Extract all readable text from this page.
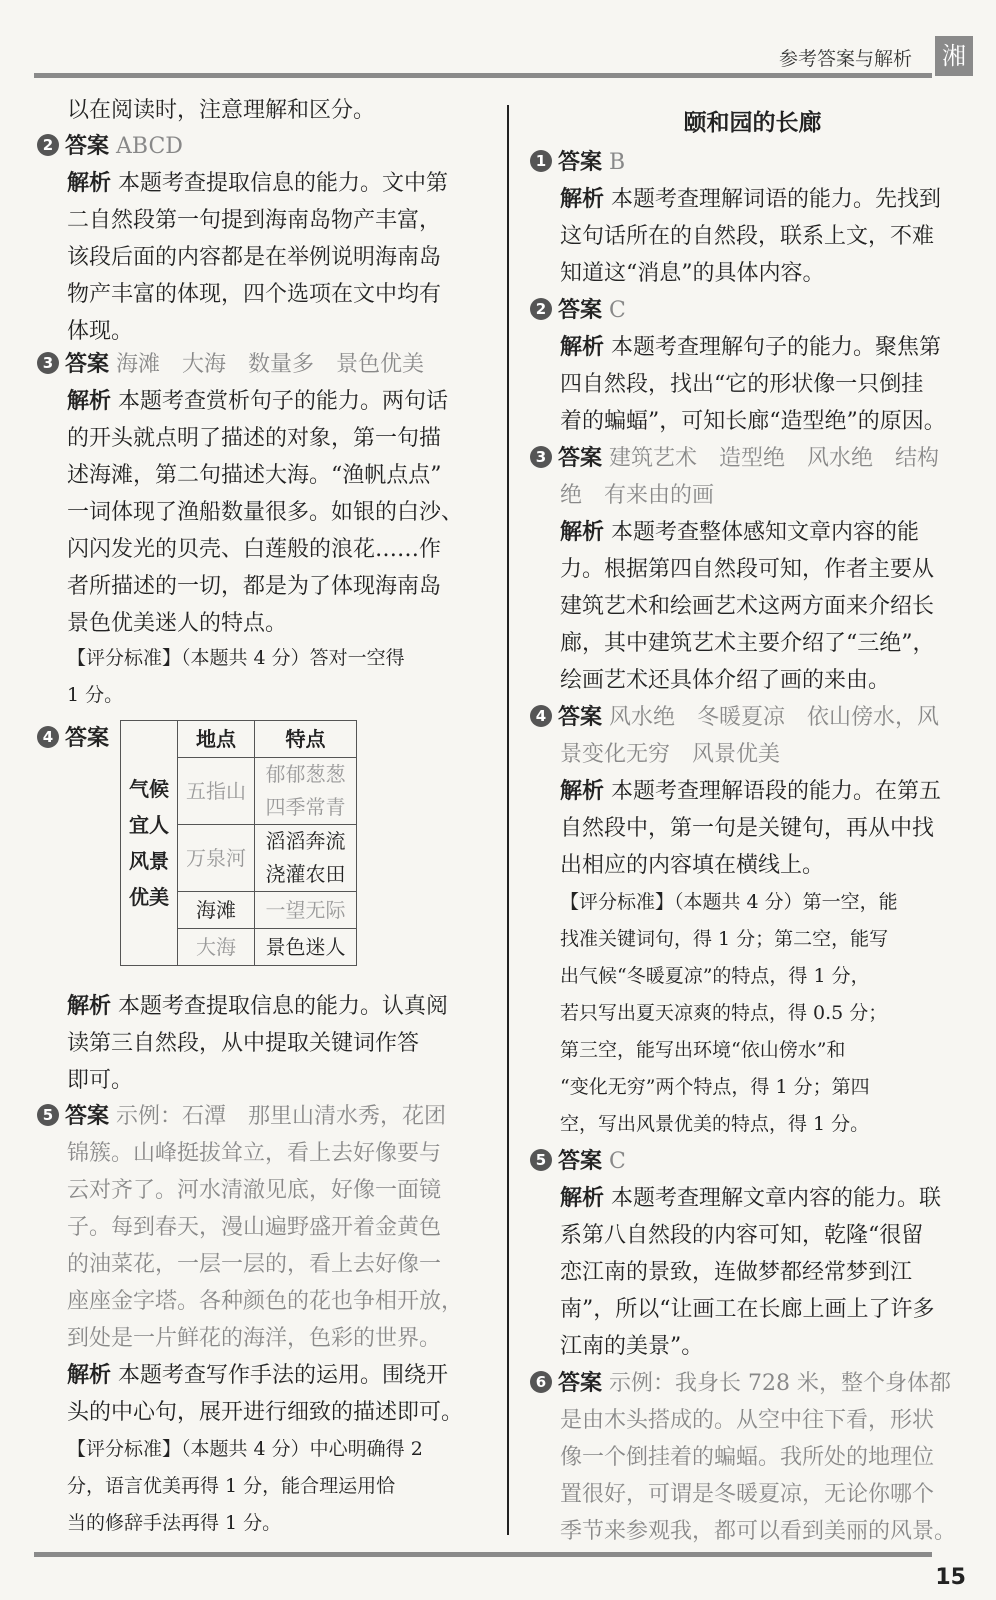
参考答案与解析 湘
以在阅读时，注意理解和区分。
2 答案 ABCD
解析 本题考查提取信息的能力。文中第
二自然段第一句提到海南岛物产丰富，
该段后面的内容都是在举例说明海南岛
物产丰富的体现，四个选项在文中均有
体现。
3 答案 海滩　大海　数量多　景色优美
解析 本题考查赏析句子的能力。两句话
的开头就点明了描述的对象，第一句描
述海滩，第二句描述大海。“渔帆点点”
一词体现了渔船数量很多。如银的白沙、
闪闪发光的贝壳、白莲般的浪花……作
者所描述的一切，都是为了体现海南岛
景色优美迷人的特点。
【评分标准】（本题共 4 分）答对一空得
1 分。
4 答案
气候宜人风景优美	地点	特点
	五指山	郁郁葱葱四季常青
	万泉河	滔滔奔流浇灌农田
	海滩	一望无际
	大海	景色迷人
解析 本题考查提取信息的能力。认真阅
读第三自然段，从中提取关键词作答
即可。
5 答案 示例：石潭　那里山清水秀，花团
锦簇。山峰挺拔耸立，看上去好像要与
云对齐了。河水清澈见底，好像一面镜
子。每到春天，漫山遍野盛开着金黄色
的油菜花，一层一层的，看上去好像一
座座金字塔。各种颜色的花也争相开放，
到处是一片鲜花的海洋，色彩的世界。
解析 本题考查写作手法的运用。围绕开
头的中心句，展开进行细致的描述即可。
【评分标准】（本题共 4 分）中心明确得 2
分，语言优美再得 1 分，能合理运用恰
当的修辞手法再得 1 分。
颐和园的长廊
1 答案 B
解析 本题考查理解词语的能力。先找到
这句话所在的自然段，联系上文，不难
知道这“消息”的具体内容。
2 答案 C
解析 本题考查理解句子的能力。聚焦第
四自然段，找出“它的形状像一只倒挂
着的蝙蝠”，可知长廊“造型绝”的原因。
3 答案 建筑艺术　造型绝　风水绝　结构
绝　有来由的画
解析 本题考查整体感知文章内容的能
力。根据第四自然段可知，作者主要从
建筑艺术和绘画艺术这两方面来介绍长
廊，其中建筑艺术主要介绍了“三绝”，
绘画艺术还具体介绍了画的来由。
4 答案 风水绝　冬暖夏凉　依山傍水，风
景变化无穷　风景优美
解析 本题考查理解语段的能力。在第五
自然段中，第一句是关键句，再从中找
出相应的内容填在横线上。
【评分标准】（本题共 4 分）第一空，能
找准关键词句，得 1 分；第二空，能写
出气候“冬暖夏凉”的特点，得 1 分，
若只写出夏天凉爽的特点，得 0.5 分；
第三空，能写出环境“依山傍水”和
“变化无穷”两个特点，得 1 分；第四
空，写出风景优美的特点，得 1 分。
5 答案 C
解析 本题考查理解文章内容的能力。联
系第八自然段的内容可知，乾隆“很留
恋江南的景致，连做梦都经常梦到江
南”，所以“让画工在长廊上画上了许多
江南的美景”。
6 答案 示例：我身长 728 米，整个身体都
是由木头搭成的。从空中往下看，形状
像一个倒挂着的蝙蝠。我所处的地理位
置很好，可谓是冬暖夏凉，无论你哪个
季节来参观我，都可以看到美丽的风景。
15
